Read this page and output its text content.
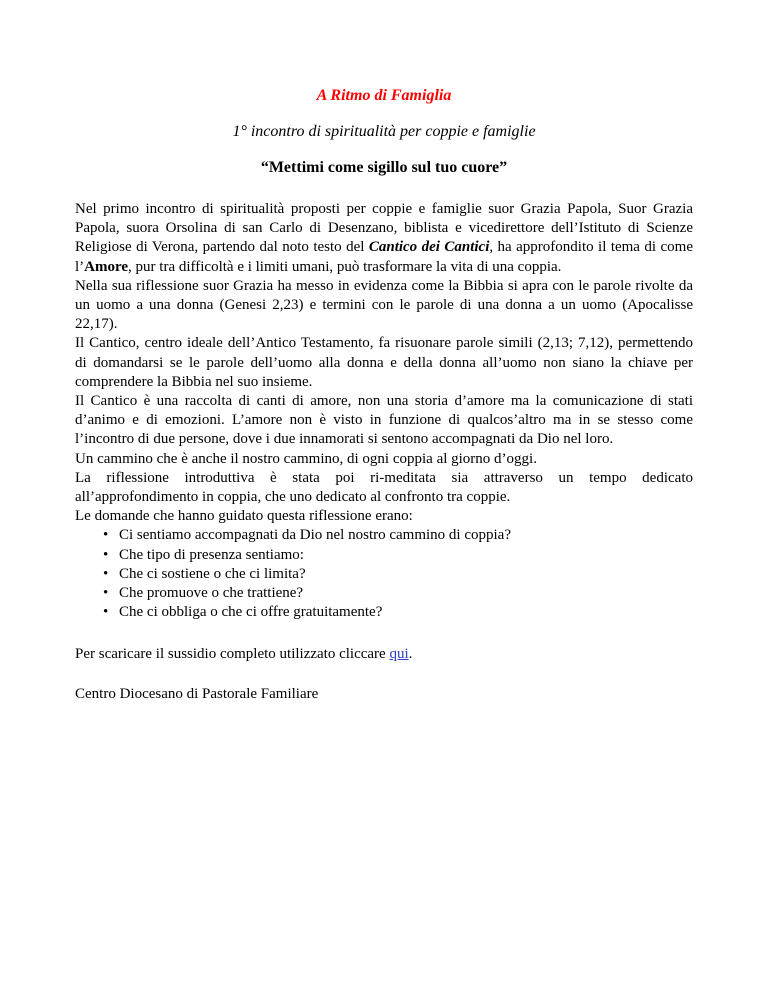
A Ritmo di Famiglia

1° incontro di spiritualità per coppie e famiglie

“Mettimi come sigillo sul tuo cuore”

Nel primo incontro di spiritualità proposti per coppie e famiglie suor Grazia Papola, Suor Grazia Papola, suora Orsolina di san Carlo di Desenzano, biblista e vicedirettore dell’Istituto di Scienze Religiose di Verona, partendo dal noto testo del Cantico dei Cantici, ha approfondito il tema di come l’Amore, pur tra difficoltà e i limiti umani, può trasformare la vita di una coppia.

Nella sua riflessione suor Grazia ha messo in evidenza come la Bibbia si apra con le parole rivolte da un uomo a una donna (Genesi 2,23) e termini con le parole di una donna a un uomo (Apocalisse 22,17).

Il Cantico, centro ideale dell’Antico Testamento, fa risuonare parole simili (2,13; 7,12), permettendo di domandarsi se le parole dell’uomo alla donna e della donna all’uomo non siano la chiave per comprendere la Bibbia nel suo insieme.

Il Cantico è una raccolta di canti di amore, non una storia d’amore ma la comunicazione di stati d’animo e di emozioni. L’amore non è visto in funzione di qualcos’altro ma in se stesso come l’incontro di due persone, dove i due innamorati si sentono accompagnati da Dio nel loro.

Un cammino che è anche il nostro cammino, di ogni coppia al giorno d’oggi.

La riflessione introduttiva è stata poi ri-meditata sia attraverso un tempo dedicato

all’approfondimento in coppia, che uno dedicato al confronto tra coppie.

Le domande che hanno guidato questa riflessione erano:

• Ci sentiamo accompagnati da Dio nel nostro cammino di coppia?
• Che tipo di presenza sentiamo:
• Che ci sostiene o che ci limita?
• Che promuove o che trattiene?
• Che ci obbliga o che ci offre gratuitamente?

Per scaricare il sussidio completo utilizzato cliccare qui.

Centro Diocesano di Pastorale Familiare
